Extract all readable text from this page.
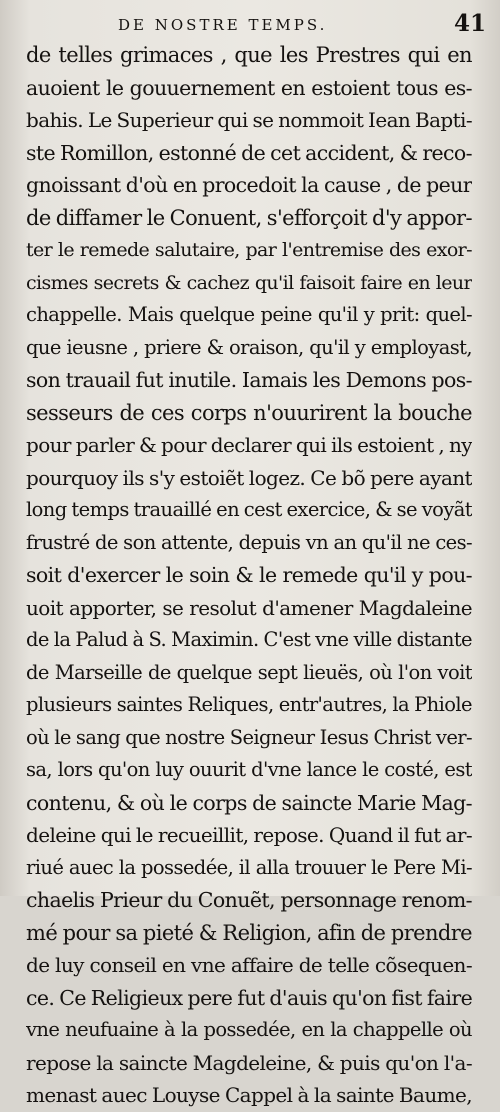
DE NOSTRE TEMPS.	41
de telles grimaces , que les Prestres qui en
auoient le gouuernement en estoient tous es-
bahis. Le Superieur qui se nommoit Iean Bapti-
ste Romillon, estonné de cet accident, & reco-
gnoissant d'où en procedoit la cause , de peur
de diffamer le Conuent, s'efforçoit d'y appor-
ter le remede salutaire, par l'entremise des exor-
cismes secrets & cachez qu'il faisoit faire en leur
chappelle. Mais quelque peine qu'il y prit: quel-
que ieusne , priere & oraison, qu'il y employast,
son trauail fut inutile. Iamais les Demons pos-
sesseurs de ces corps n'ouurirent la bouche
pour parler & pour declarer qui ils estoient , ny
pourquoy ils s'y estoiẽt logez. Ce bõ pere ayant
long temps trauaillé en cest exercice, & se voyãt
frustré de son attente, depuis vn an qu'il ne ces-
soit d'exercer le soin & le remede qu'il y pou-
uoit apporter, se resolut d'amener Magdaleine
de la Palud à S. Maximin. C'est vne ville distante
de Marseille de quelque sept lieuës, où l'on voit
plusieurs saintes Reliques, entr'autres, la Phiole
où le sang que nostre Seigneur Iesus Christ ver-
sa, lors qu'on luy ouurit d'vne lance le costé, est
contenu, & où le corps de saincte Marie Mag-
deleine qui le recueillit, repose. Quand il fut ar-
riué auec la possedée, il alla trouuer le Pere Mi-
chaelis Prieur du Conuẽt, personnage renom-
mé pour sa pieté & Religion, afin de prendre
de luy conseil en vne affaire de telle cõsequen-
ce. Ce Religieux pere fut d'auis qu'on fist faire
vne neufuaine à la possedée, en la chappelle où
repose la saincte Magdeleine, & puis qu'on l'a-
menast auec Louyse Cappel à la sainte Baume,
